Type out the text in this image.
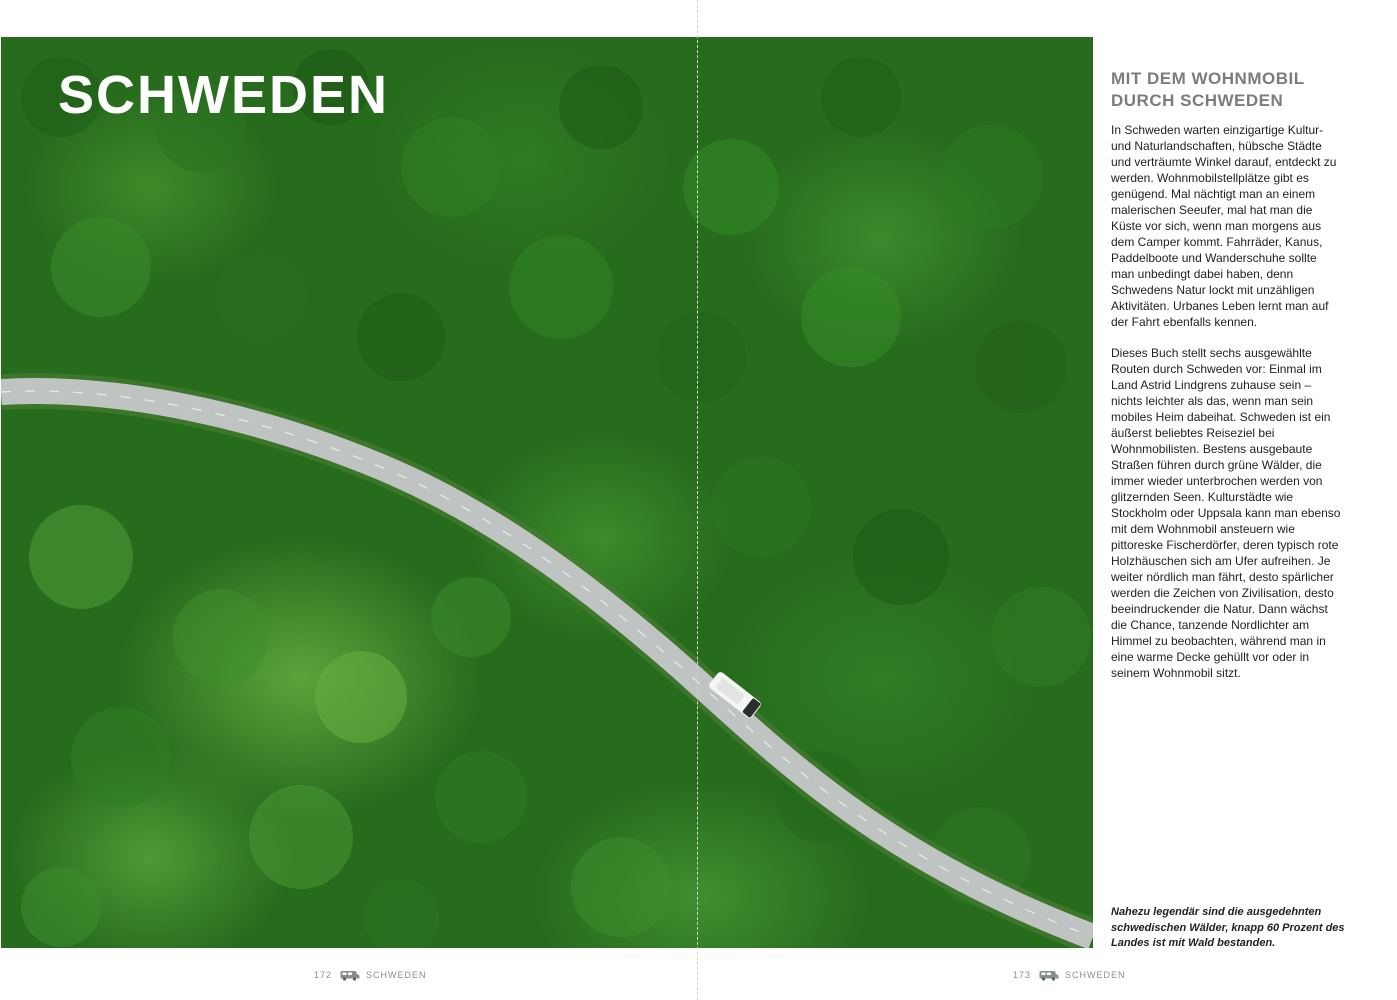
SCHWEDEN	MIT DEM WOHNMOBIL DURCH SCHWEDEN

In Schweden warten einzigartige Kultur- und Naturlandschaften, hübsche Städte und verträumte Winkel darauf, entdeckt zu werden. Wohnmobilstellplätze gibt es genügend. Mal nächtigt man an einem malerischen Seeufer, mal hat man die Küste vor sich, wenn man morgens aus dem Camper kommt. Fahrräder, Kanus, Paddelboote und Wanderschuhe sollte man unbedingt dabei haben, denn Schwedens Natur lockt mit unzähligen Aktivitäten. Urbanes Leben lernt man auf der Fahrt ebenfalls kennen.

Dieses Buch stellt sechs ausgewählte Routen durch Schweden vor: Einmal im Land Astrid Lindgrens zuhause sein – nichts leichter als das, wenn man sein mobiles Heim dabeihat. Schweden ist ein äußerst beliebtes Reiseziel bei Wohnmobilisten. Bestens ausgebaute Straßen führen durch grüne Wälder, die immer wieder unterbrochen werden von glitzernden Seen. Kulturstädte wie Stockholm oder Uppsala kann man ebenso mit dem Wohnmobil ansteuern wie pittoreske Fischerdörfer, deren typisch rote Holzhäuschen sich am Ufer aufreihen. Je weiter nördlich man fährt, desto spärlicher werden die Zeichen von Zivilisation, desto beeindruckender die Natur. Dann wächst die Chance, tanzende Nordlichter am Himmel zu beobachten, während man in eine warme Decke gehüllt vor oder in seinem Wohnmobil sitzt.

Nahezu legendär sind die ausgedehnten schwedischen Wälder, knapp 60 Prozent des Landes ist mit Wald bestanden.

172	SCHWEDEN	173	SCHWEDEN
